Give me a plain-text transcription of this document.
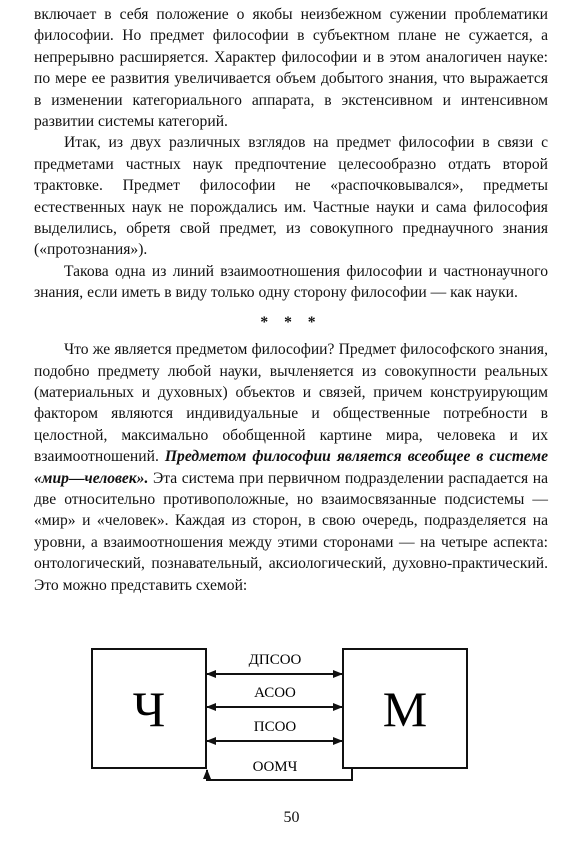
включает в себя положение о якобы неизбежном сужении проблематики философии. Но предмет философии в субъектном плане не сужается, а непрерывно расширяется. Характер философии и в этом аналогичен науке: по мере ее развития увеличивается объем добытого знания, что выражается в изменении категориального аппарата, в экстенсивном и интенсивном развитии системы категорий.

Итак, из двух различных взглядов на предмет философии в связи с предметами частных наук предпочтение целесообразно отдать второй трактовке. Предмет философии не «распочковывался», предметы естественных наук не порождались им. Частные науки и сама философия выделились, обретя свой предмет, из совокупного преднаучного знания («протознания»).

Такова одна из линий взаимоотношения философии и частнонаучного знания, если иметь в виду только одну сторону философии — как науки.

* * *

Что же является предметом философии? Предмет философского знания, подобно предмету любой науки, вычленяется из совокупности реальных (материальных и духовных) объектов и связей, причем конструирующим фактором являются индивидуальные и общественные потребности в целостной, максимально обобщенной картине мира, человека и их взаимоотношений. Предметом философии является всеобщее в системе «мир—человек». Эта система при первичном подразделении распадается на две относительно противоположные, но взаимосвязанные подсистемы — «мир» и «человек». Каждая из сторон, в свою очередь, подразделяется на уровни, а взаимоотношения между этими сторонами — на четыре аспекта: онтологический, познавательный, аксиологический, духовно-практический. Это можно представить схемой:

Ч	М
ДПСОО
АСОО
ПСОО
ООМЧ
50
